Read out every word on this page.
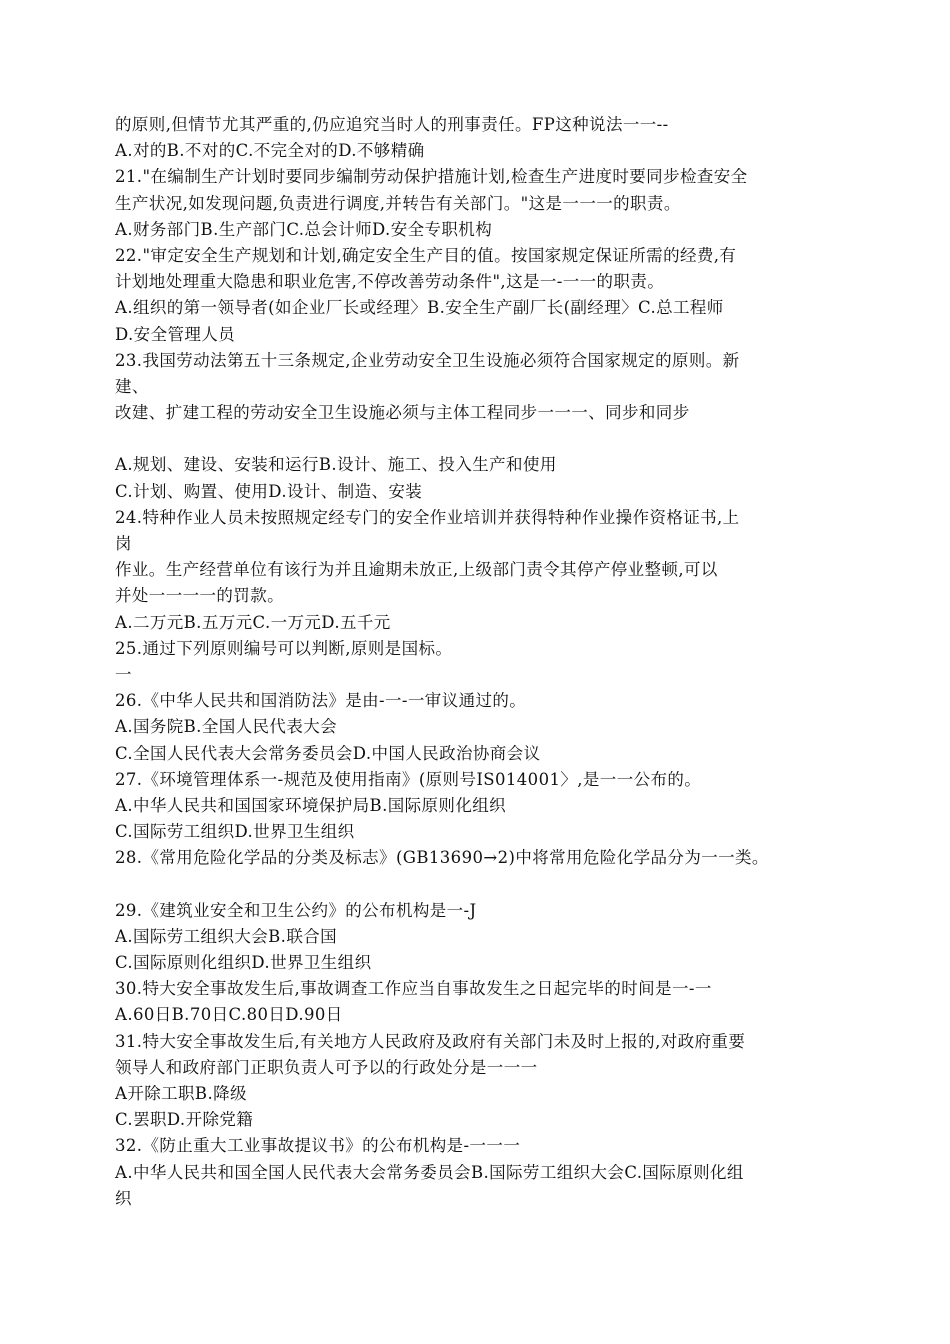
的原则,但情节尤其严重的,仍应追究当时人的刑事责任。FP这种说法一一--
A.对的B.不对的C.不完全对的D.不够精确
21."在编制生产计划时要同步编制劳动保护措施计划,检查生产进度时要同步检查安全
生产状况,如发现问题,负责进行调度,并转告有关部门。"这是一一一的职责。
A.财务部门B.生产部门C.总会计师D.安全专职机构
22."审定安全生产规划和计划,确定安全生产目的值。按国家规定保证所需的经费,有
计划地处理重大隐患和职业危害,不停改善劳动条件",这是一-一一的职责。
A.组织的第一领导者(如企业厂长或经理〉B.安全生产副厂长(副经理〉C.总工程师
D.安全管理人员
23.我国劳动法第五十三条规定,企业劳动安全卫生设施必须符合国家规定的原则。新
建、
改建、扩建工程的劳动安全卫生设施必须与主体工程同步一一一、同步和同步
A.规划、建设、安装和运行B.设计、施工、投入生产和使用
C.计划、购置、使用D.设计、制造、安装
24.特种作业人员未按照规定经专门的安全作业培训并获得特种作业操作资格证书,上
岗
作业。生产经营单位有该行为并且逾期未放正,上级部门责令其停产停业整顿,可以
并处一一一一的罚款。
A.二万元B.五万元C.一万元D.五千元
25.通过下列原则编号可以判断,原则是国标。
一
26.《中华人民共和国消防法》是由-一-一审议通过的。
A.国务院B.全国人民代表大会
C.全国人民代表大会常务委员会D.中国人民政治协商会议
27.《环境管理体系一-规范及使用指南》(原则号IS014001〉,是一一公布的。
A.中华人民共和国国家环境保护局B.国际原则化组织
C.国际劳工组织D.世界卫生组织
28.《常用危险化学品的分类及标志》(GB13690→2)中将常用危险化学品分为一一类。
29.《建筑业安全和卫生公约》的公布机构是一-J
A.国际劳工组织大会B.联合国
C.国际原则化组织D.世界卫生组织
30.特大安全事故发生后,事故调查工作应当自事故发生之日起完毕的时间是一-一
A.60日B.70日C.80日D.90日
31.特大安全事故发生后,有关地方人民政府及政府有关部门未及时上报的,对政府重要
领导人和政府部门正职负责人可予以的行政处分是一一一
A开除工职B.降级
C.罢职D.开除党籍
32.《防止重大工业事故提议书》的公布机构是-一一一
A.中华人民共和国全国人民代表大会常务委员会B.国际劳工组织大会C.国际原则化组
织
